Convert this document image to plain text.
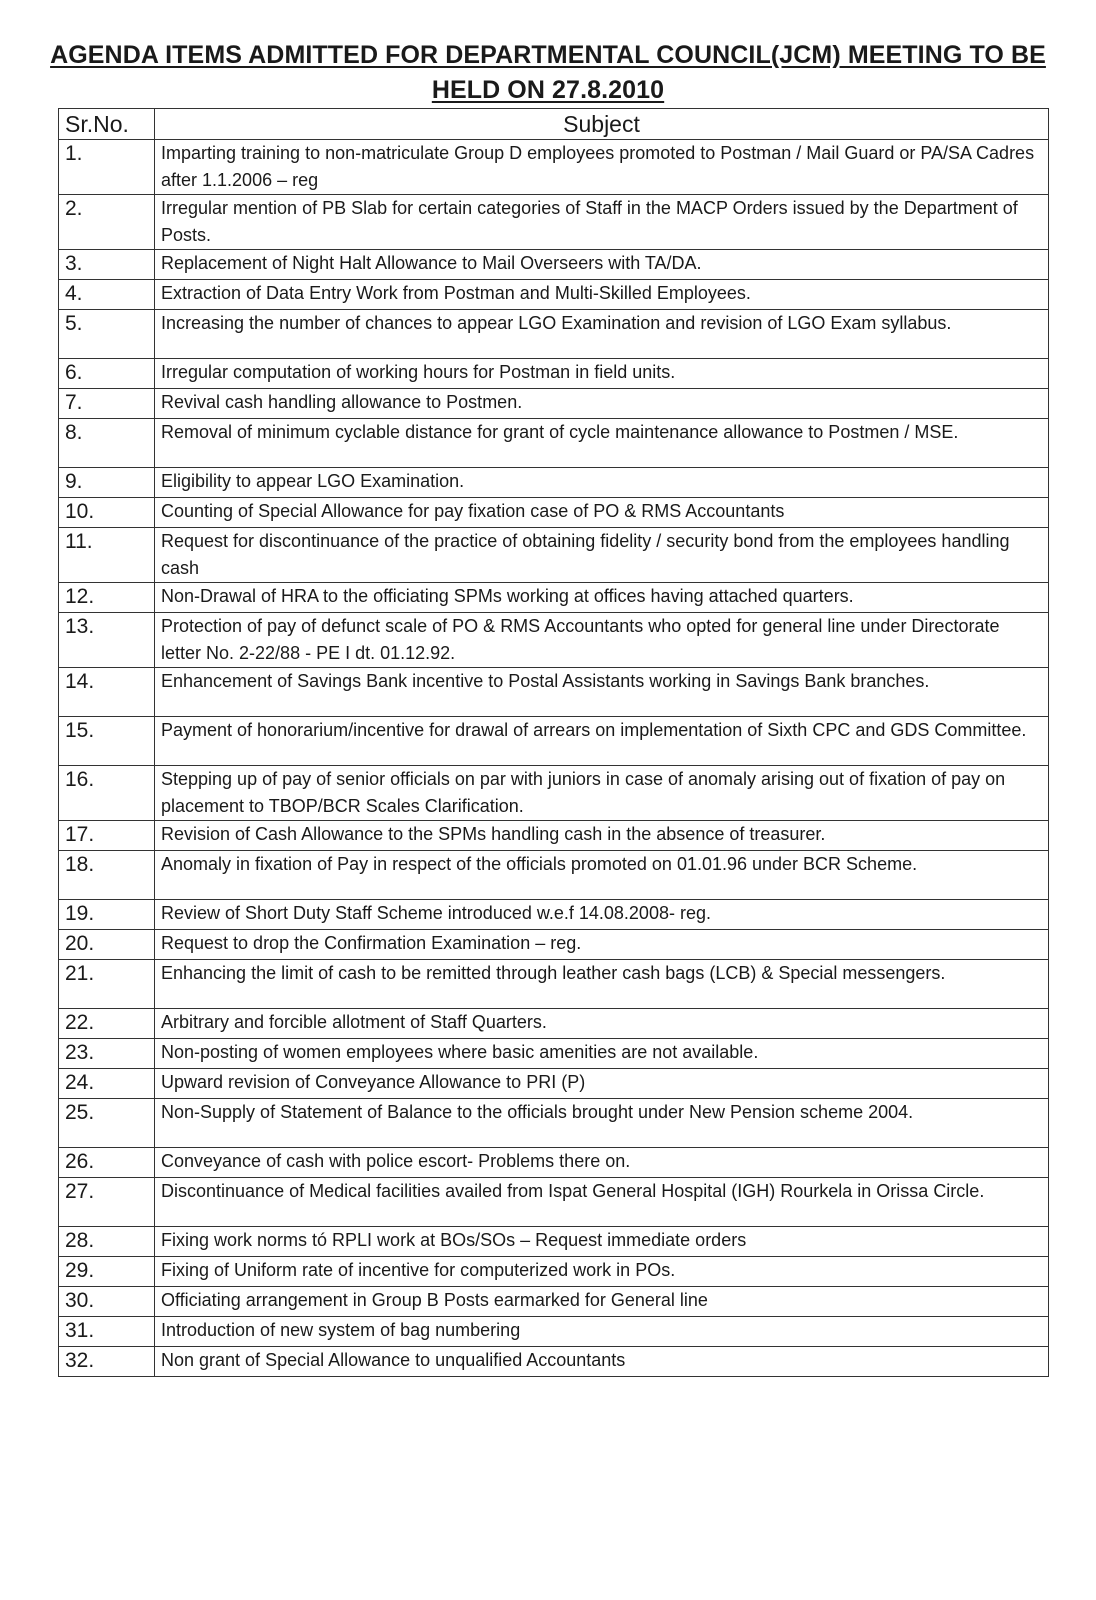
AGENDA ITEMS ADMITTED FOR DEPARTMENTAL COUNCIL(JCM) MEETING TO BE
HELD ON 27.8.2010
Sr.No.	Subject
1.	Imparting training to non-matriculate Group D employees promoted to Postman / Mail Guard or PA/SA Cadres after 1.1.2006 – reg
2.	Irregular mention of PB Slab for certain categories of Staff in the MACP Orders issued by the Department of Posts.
3.	Replacement of Night Halt Allowance to Mail Overseers with TA/DA.
4.	Extraction of Data Entry Work from Postman and Multi-Skilled Employees.
5.	Increasing the number of chances to appear LGO Examination and revision of LGO Exam syllabus.
6.	Irregular computation of working hours for Postman in field units.
7.	Revival cash handling allowance to Postmen.
8.	Removal of minimum cyclable distance for grant of cycle maintenance allowance to Postmen / MSE.
9.	Eligibility to appear LGO Examination.
10.	Counting of Special Allowance for pay fixation case of PO & RMS Accountants
11.	Request for discontinuance of the practice of obtaining fidelity / security bond from the employees handling cash
12.	Non-Drawal of HRA to the officiating SPMs working at offices having attached quarters.
13.	Protection of pay of defunct scale of PO & RMS Accountants who opted for general line under Directorate letter No. 2-22/88 - PE I dt. 01.12.92.
14.	Enhancement of Savings Bank incentive to Postal Assistants working in Savings Bank branches.
15.	Payment of honorarium/incentive for drawal of arrears on implementation of Sixth CPC and GDS Committee.
16.	Stepping up of pay of senior officials on par with juniors in case of anomaly arising out of fixation of pay on placement to TBOP/BCR Scales Clarification.
17.	Revision of Cash Allowance to the SPMs handling cash in the absence of treasurer.
18.	Anomaly in fixation of Pay in respect of the officials promoted on 01.01.96 under BCR Scheme.
19.	Review of Short Duty Staff Scheme introduced w.e.f 14.08.2008- reg.
20.	Request to drop the Confirmation Examination – reg.
21.	Enhancing the limit of cash to be remitted through leather cash bags (LCB) & Special messengers.
22.	Arbitrary and forcible allotment of Staff Quarters.
23.	Non-posting of women employees where basic amenities are not available.
24.	Upward revision of Conveyance Allowance to PRI (P)
25.	Non-Supply of Statement of Balance to the officials brought under New Pension scheme 2004.
26.	Conveyance of cash with police escort- Problems there on.
27.	Discontinuance of Medical facilities availed from Ispat General Hospital (IGH) Rourkela in Orissa Circle.
28.	Fixing work norms tó RPLI work at BOs/SOs – Request immediate orders
29.	Fixing of Uniform rate of incentive for computerized work in POs.
30.	Officiating arrangement in Group B Posts earmarked for General line
31.	Introduction of new system of bag numbering
32.	Non grant of Special Allowance to unqualified Accountants
